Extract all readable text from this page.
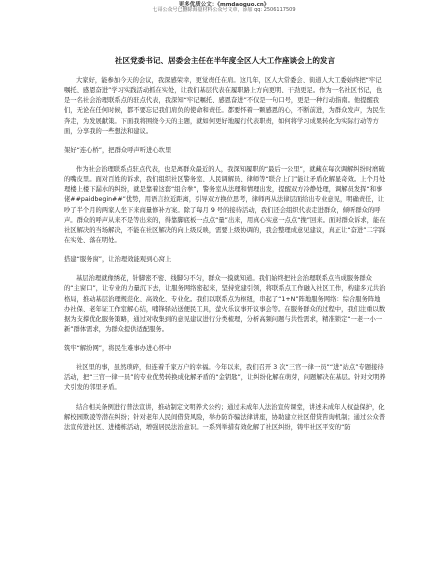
更多优质公文：《mmdaoguo.cn》
七哥公众号已删除海量材料公众号文章，添加 qq: 2506117509
社区党委书记、居委会主任在半年度全区人大工作座谈会上的发言

大家好，能参加今天的会议，我深感荣幸，更觉责任在肩。这几年，区人大常委会、街道人大工委始终把“牢记嘱托、感恩奋进”学习实践活动抓在实处，让我们基层代表在履职路上方向更明、干劲更足。作为一名社区书记，也是一名社会治理联系点的驻点代表，我深知“牢记嘱托、感恩奋进”不仅是一句口号，更是一种行动指南。他提醒我们，无论在任何时候，都不要忘记我们肩负的使命和责任。都要怀着一颗感恩的心，不断前进，为群众发声，为民生奔走，为发展献策。下面我将围绕今天的主题，就如何更好地履行代表职责，如何将学习成果转化为实际行动等方面，分享我的一些想法和建议。

架好“连心桥”，把群众呼声听进心坎里

作为社会治理联系点驻点代表，也是离群众最近的人，我深知履职的“最后一公里”，就藏在每次调解纠纷时磨破的嘴皮里。面对百姓的诉求，我们组织社区警务室、人民调解员、律师等“联合上门”能让矛盾化解显奇效。上个月处理楼上楼下漏水的纠纷，就是靠着这套“组合拳”，警务室从法理和情理出发，提醒双方冷静处理，调解员发挥“和事佬##paidbegin##”优势，用语言拉近距离，引导双方换位思考，律师再从法律层面给出专业意见，明确责任，让吵了半个月的两家人坐下来商量修补方案。除了每月 9 号的接待活动，我们还会组织代表走进群众，倾听群众的呼声。群众的呼声从来不是等出来的，得靠脚底板一点点“量”出来，用真心实意一点点“挽”回来。面对群众诉求，能在社区解决的当场解决，不能在社区解决的向上级反映，需要上级协调的，我会整理成意见建议，真正让“奋进”二字踩在实处、落在明处。

搭建“服务窗”，让治理效能观到心窝上

基层治理就像绣花，针脚密不密、线脚匀不匀，群众一摸就知道。我们始终把社会治理联系点当成服务群众的“主窗口”，让专业的力量沉下去，让服务网络密起来，坚持党建引领，将联系点工作融入社区工作，构建多元共治格局，推动基层治理规范化、高效化、专业化。我们以联系点为枢纽，串起了“1+N”阵地服务网络：综合服务阵地办社保、老年证工作室解心结，哺锋驿站送便民工具，萤火乐议事开议事会等。在服务群众的过程中，我们注重以数据为支撑优化服务策略，通过对收集到的意见建议进行分类梳理，分析高频问题与共性需求，精准锁定“一老一小一新”群体需求，为群众提供适配服务。

筑牢“解纷网”，将民生难事办进心怀中

社区里的事，虽然琐碎，但连着千家万户的幸福。今年以来，我们召开 3 次“三官一律一员”“进”站点”专题接待活动，把“三官一律一员”的专业优势转换成化解矛盾的“金钥匙”，让纠纷化解在萌芽，问题解决在基层。针对文明养犬引发的邻里矛盾。

结合相关条例进行普法宣讲，推动制定文明养犬公约；通过未成年人法治宣传课堂，讲述未成年人权益保护，化解校园欺凌等潜在纠纷；针对老年人民间借贷风险，举办防诈骗法律讲座，协助建立社区借贷咨询机制；通过公众普法宣传进社区、进楼栋活动，增强居民法治意识。一系列举措有效化解了社区纠纷，铸牢社区平安的“防
